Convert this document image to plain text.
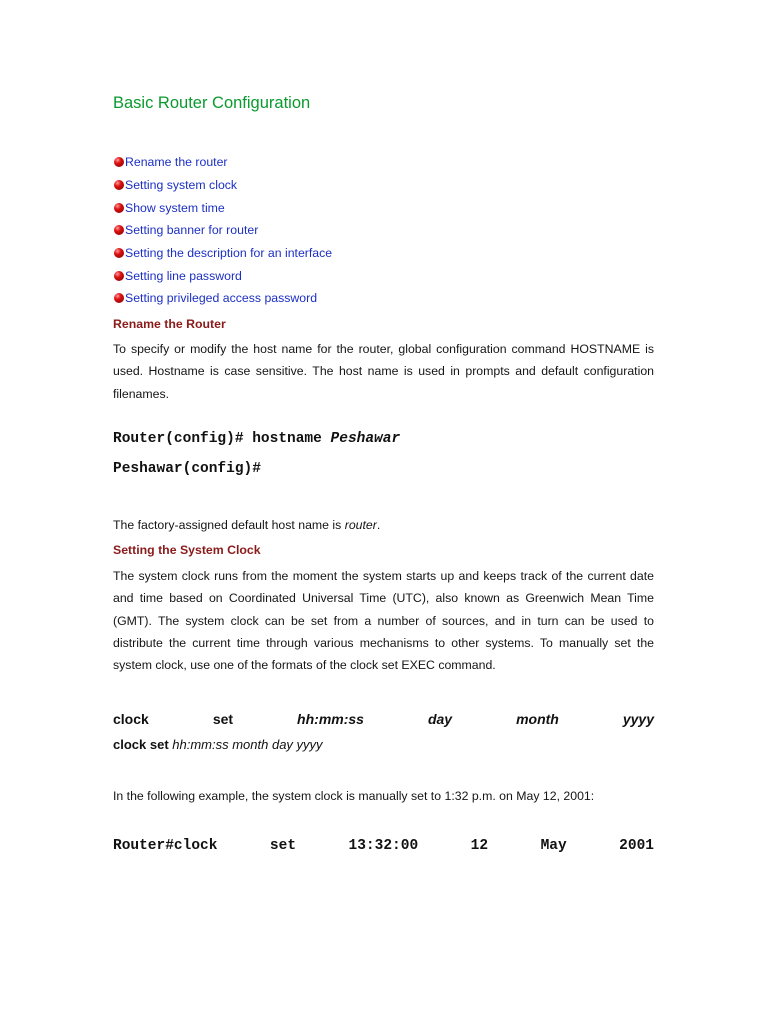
Basic Router Configuration
Rename the router
Setting system clock
Show system time
Setting banner for router
Setting the description for an interface
Setting line password
Setting privileged access password
Rename the Router

To specify or modify the host name for the router, global configuration command HOSTNAME is used. Hostname is case sensitive. The host name is used in prompts and default configuration filenames.

Router(config)# hostname Peshawar

Peshawar(config)#

The factory-assigned default host name is router.

Setting the System Clock

The system clock runs from the moment the system starts up and keeps track of the current date and time based on Coordinated Universal Time (UTC), also known as Greenwich Mean Time (GMT). The system clock can be set from a number of sources, and in turn can be used to distribute the current time through various mechanisms to other systems. To manually set the system clock, use one of the formats of the clock set EXEC command.

clock	set	hh:mm:ss	day	month	yyyy

clock set hh:mm:ss month day yyyy

In the following example, the system clock is manually set to 1:32 p.m. on May 12, 2001:

Router#clock	set	13:32:00	12	May	2001
